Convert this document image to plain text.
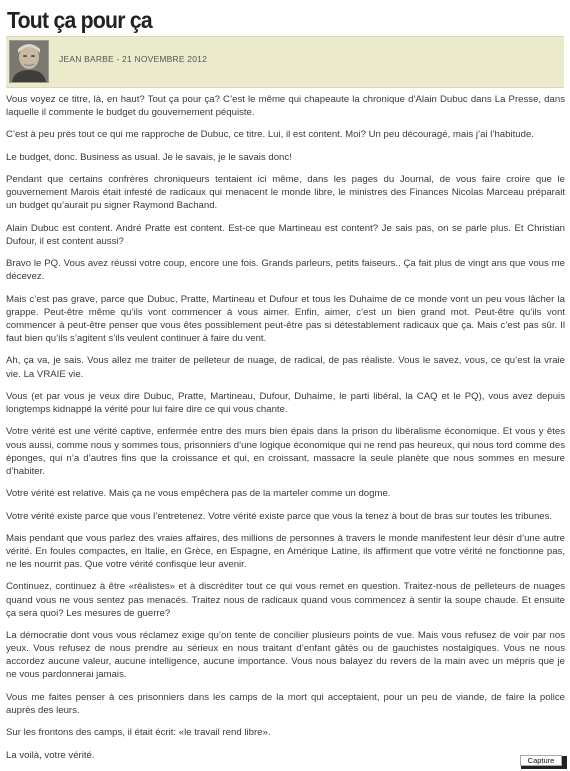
Tout ça pour ça
JEAN BARBE - 21 NOVEMBRE 2012

Vous voyez ce titre, là, en haut? Tout ça pour ça? C’est le même qui chapeaute la chronique d’Alain Dubuc dans La Presse, dans laquelle il commente le budget du gouvernement péquiste.

C’est à peu près tout ce qui me rapproche de Dubuc, ce titre. Lui, il est content. Moi? Un peu découragé, mais j’ai l’habitude.

Le budget, donc. Business as usual. Je le savais, je le savais donc!

Pendant que certains confrères chroniqueurs tentaient ici même, dans les pages du Journal, de vous faire croire que le gouvernement Marois était infesté de radicaux qui menacent le monde libre, le ministres des Finances Nicolas Marceau préparait un budget qu’aurait pu signer Raymond Bachand.

Alain Dubuc est content. André Pratte est content. Est-ce que Martineau est content? Je sais pas, on se parle plus. Et Christian Dufour, il est content aussi?

Bravo le PQ. Vous avez réussi votre coup, encore une fois. Grands parleurs, petits faiseurs.. Ça fait plus de vingt ans que vous me décevez.

Mais c’est pas grave, parce que Dubuc, Pratte, Martineau et Dufour et tous les Duhaime de ce monde vont un peu vous lâcher la grappe. Peut-être même qu’ils vont commencer à vous aimer. Enfin, aimer, c’est un bien grand mot. Peut-être qu’ils vont commencer à peut-être penser que vous êtes possiblement peut-être pas si détestablement radicaux que ça. Mais c’est pas sûr. Il faut bien qu’ils s’agitent s’ils veulent continuer à faire du vent.

Ah, ça va, je sais. Vous allez me traiter de pelleteur de nuage, de radical, de pas réaliste. Vous le savez, vous, ce qu’est la vraie vie. La VRAIE vie.

Vous (et par vous je veux dire Dubuc, Pratte, Martineau, Dufour, Duhaime, le parti libéral, la CAQ et le PQ), vous avez depuis longtemps kidnappé la vérité pour lui faire dire ce qui vous chante.

Votre vérité est une vérité captive, enfermée entre des murs bien épais dans la prison du libéralisme économique. Et vous y êtes vous aussi, comme nous y sommes tous, prisonniers d’une logique économique qui ne rend pas heureux, qui nous tord comme des éponges, qui n’a d’autres fins que la croissance et qui, en croissant, massacre la seule planète que nous sommes en mesure d’habiter.

Votre vérité est relative. Mais ça ne vous empêchera pas de la marteler comme un dogme.

Votre vérité existe parce que vous l’entretenez. Votre vérité existe parce que vous la tenez à bout de bras sur toutes les tribunes.

Mais pendant que vous parlez des vraies affaires, des millions de personnes à travers le monde manifestent leur désir d’une autre vérité. En foules compactes, en Italie, en Grèce, en Espagne, en Amérique Latine, ils affirment que votre vérité ne fonctionne pas, ne les nourrit pas. Que votre vérité confisque leur avenir.

Continuez, continuez à être «réalistes» et à discréditer tout ce qui vous remet en question. Traitez-nous de pelleteurs de nuages quand vous ne vous sentez pas menacés. Traitez nous de radicaux quand vous commencez à sentir la soupe chaude. Et ensuite ça sera quoi? Les mesures de guerre?

La démocratie dont vous vous réclamez exige qu’on tente de concilier plusieurs points de vue. Mais vous refusez de voir par nos yeux. Vous refusez de nous prendre au sérieux en nous traitant d’enfant gâtés ou de gauchistes nostalgiques. Vous ne nous accordez aucune valeur, aucune intelligence, aucune importance. Vous nous balayez du revers de la main avec un mépris que je ne vous pardonnerai jamais.

Vous me faites penser à ces prisonniers dans les camps de la mort qui acceptaient, pour un peu de viande, de faire la police auprès des leurs.

Sur les frontons des camps, il était écrit: «le travail rend libre».

La voilà, votre vérité.	Capture
